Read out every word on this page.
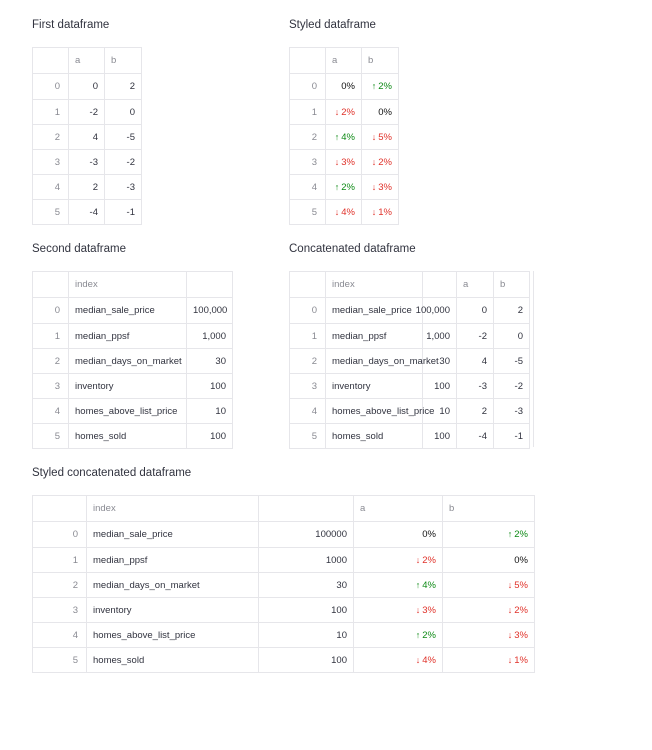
First dataframe	Styled dataframe
Second dataframe	Concatenated dataframe
Styled concatenated dataframe
	a	b
0	0	2
1	-2	0
2	4	-5
3	-3	-2
4	2	-3
5	-4	-1
	a	b
0	0%	↑ 2%
1	↓ 2%	0%
2	↑ 4%	↓ 5%
3	↓ 3%	↓ 2%
4	↑ 2%	↓ 3%
5	↓ 4%	↓ 1%
	index	
0	median_sale_price	100,000
1	median_ppsf	1,000
2	median_days_on_market	30
3	inventory	100
4	homes_above_list_price	10
5	homes_sold	100
	index		a	b
0	median_sale_price	100,000	0	2
1	median_ppsf	1,000	-2	0
2	median_days_on_market	30	4	-5
3	inventory	100	-3	-2
4	homes_above_list_price	10	2	-3
5	homes_sold	100	-4	-1
	index		a	b
0	median_sale_price	100000	0%	↑ 2%
1	median_ppsf	1000	↓ 2%	0%
2	median_days_on_market	30	↑ 4%	↓ 5%
3	inventory	100	↓ 3%	↓ 2%
4	homes_above_list_price	10	↑ 2%	↓ 3%
5	homes_sold	100	↓ 4%	↓ 1%
